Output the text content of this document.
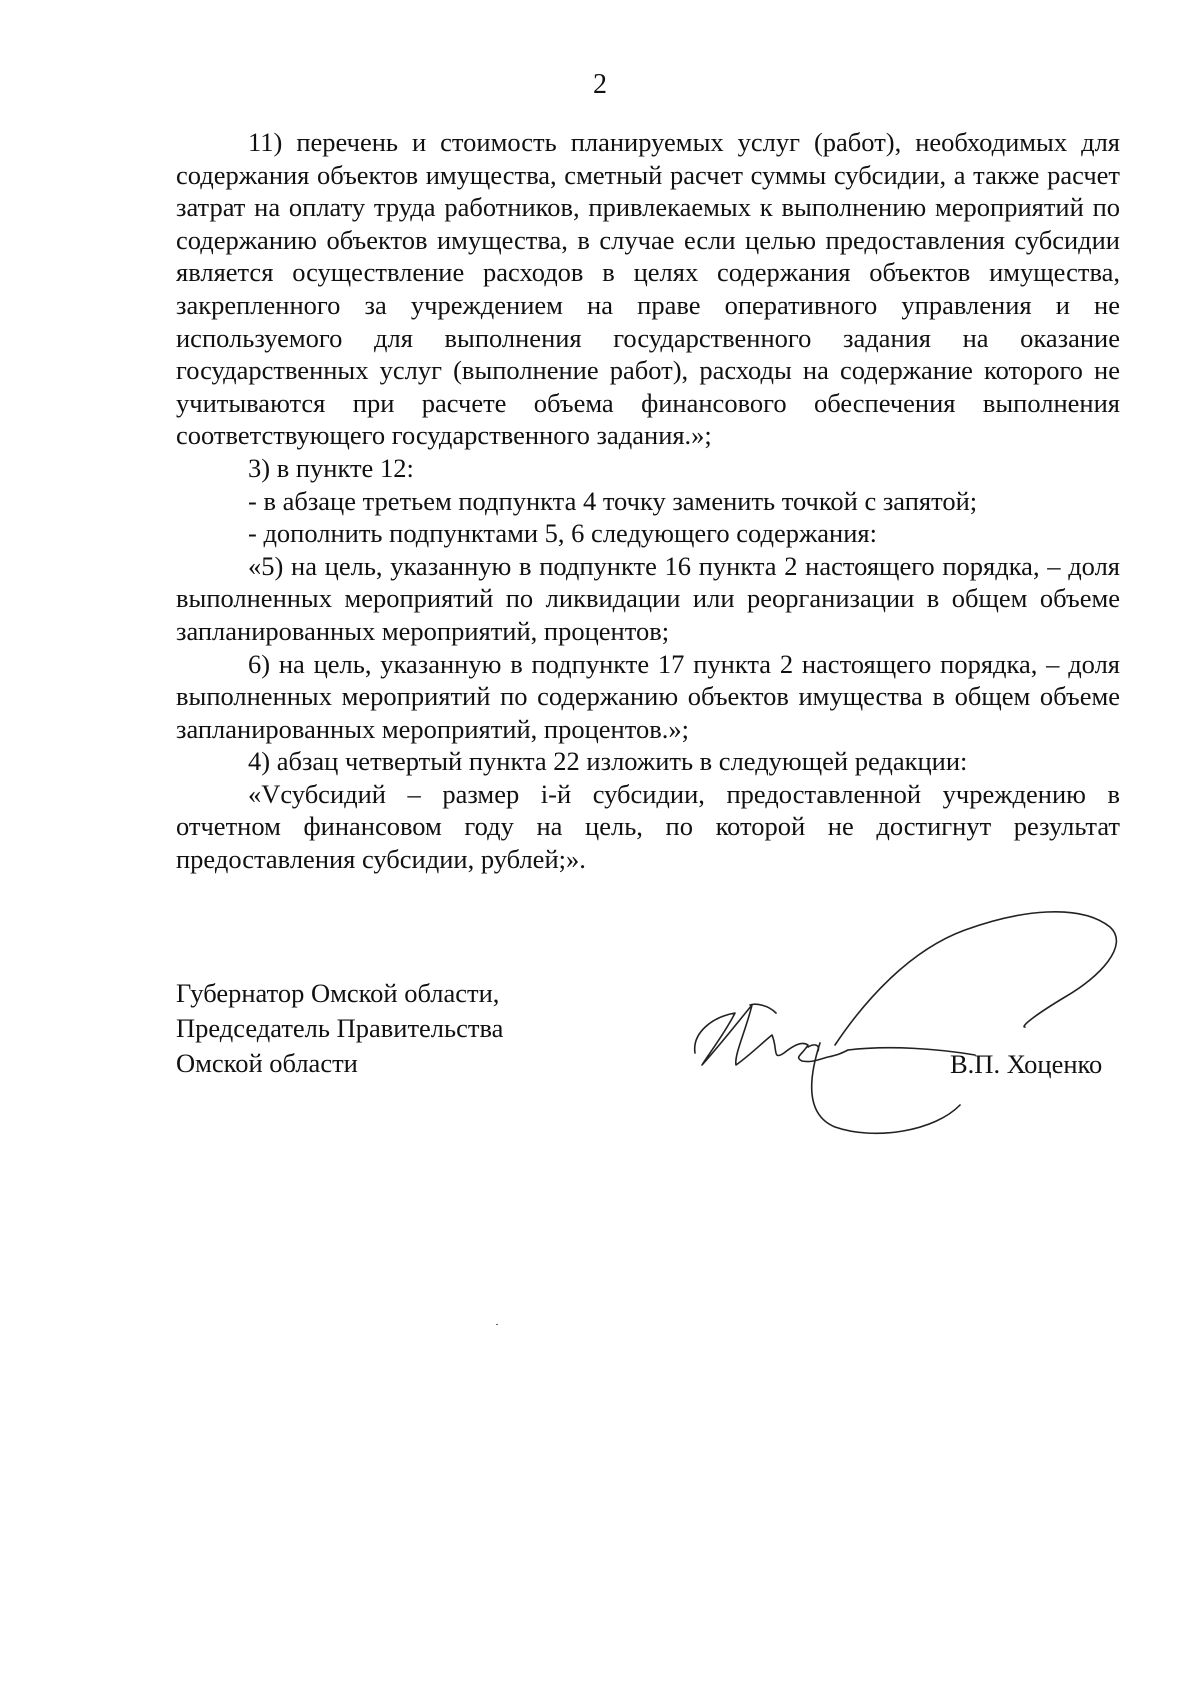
2

11) перечень и стоимость планируемых услуг (работ), необходимых для содержания объектов имущества, сметный расчет суммы субсидии, а также расчет затрат на оплату труда работников, привлекаемых к выполнению мероприятий по содержанию объектов имущества, в случае если целью предоставления субсидии является осуществление расходов в целях содержания объектов имущества, закрепленного за учреждением на праве оперативного управления и не используемого для выполнения государственного задания на оказание государственных услуг (выполнение работ), расходы на содержание которого не учитываются при расчете объема финансового обеспечения выполнения соответствующего государственного задания.»;

3) в пункте 12:

- в абзаце третьем подпункта 4 точку заменить точкой с запятой;

- дополнить подпунктами 5, 6 следующего содержания:

«5) на цель, указанную в подпункте 16 пункта 2 настоящего порядка, – доля выполненных мероприятий по ликвидации или реорганизации в общем объеме запланированных мероприятий, процентов;

6) на цель, указанную в подпункте 17 пункта 2 настоящего порядка, – доля выполненных мероприятий по содержанию объектов имущества в общем объеме запланированных мероприятий, процентов.»;

4) абзац четвертый пункта 22 изложить в следующей редакции:

«Vсубсидий – размер i-й субсидии, предоставленной учреждению в отчетном финансовом году на цель, по которой не достигнут результат предоставления субсидии, рублей;».

Губернатор Омской области,
Председатель Правительства
Омской области	В.П. Хоценко
